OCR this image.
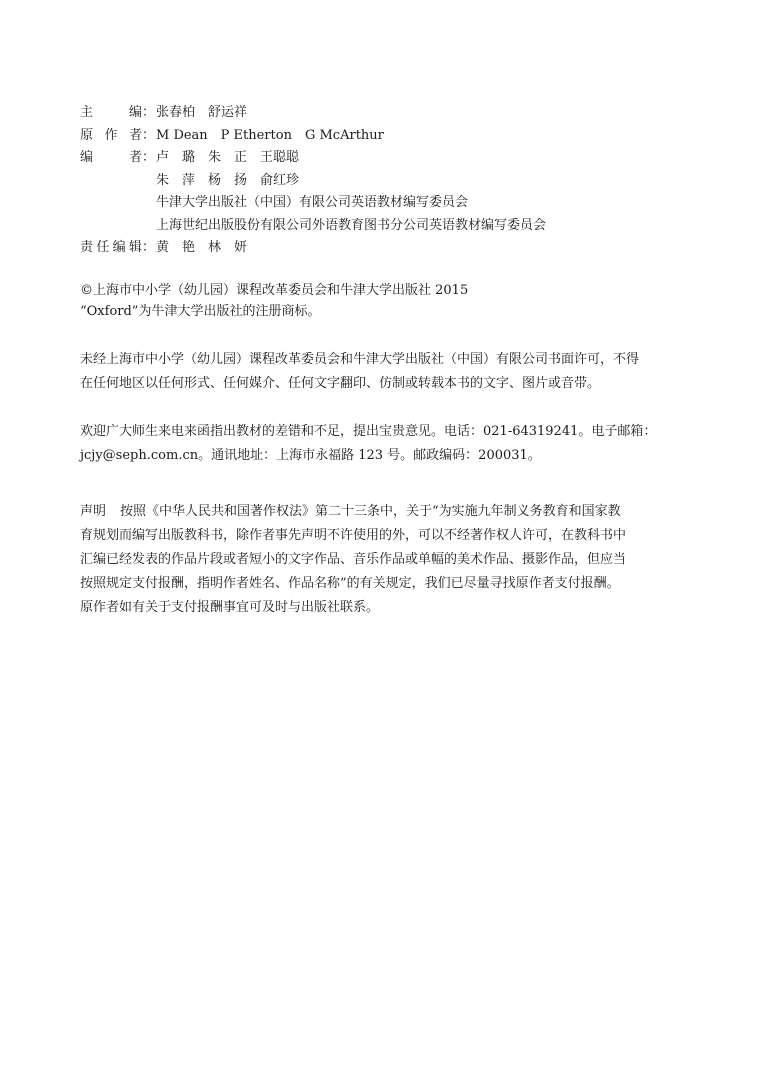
主	编 ： 张春柏　舒运祥
原 作 者 ： M Dean　P Etherton　G McArthur
编	者 ： 卢　璐　朱　正　王聪聪
朱　萍　杨　扬　俞红珍
牛津大学出版社（中国）有限公司英语教材编写委员会
上海世纪出版股份有限公司外语教育图书分公司英语教材编写委员会
责 任 编 辑 ： 黄　艳　林　妍
©上海市中小学（幼儿园）课程改革委员会和牛津大学出版社 2015
“Oxford”为牛津大学出版社的注册商标。
未经上海市中小学（幼儿园）课程改革委员会和牛津大学出版社（中国）有限公司书面许可，不得
在任何地区以任何形式、任何媒介、任何文字翻印、仿制或转载本书的文字、图片或音带。
欢迎广大师生来电来函指出教材的差错和不足，提出宝贵意见。电话：021-64319241。电子邮箱：
jcjy@seph.com.cn。通讯地址：上海市永福路 123 号。邮政编码：200031。
声明 按照《中华人民共和国著作权法》第二十三条中，关于“为实施九年制义务教育和国家教
育规划而编写出版教科书，除作者事先声明不许使用的外，可以不经著作权人许可，在教科书中
汇编已经发表的作品片段或者短小的文字作品、音乐作品或单幅的美术作品、摄影作品，但应当
按照规定支付报酬，指明作者姓名、作品名称”的有关规定，我们已尽量寻找原作者支付报酬。
原作者如有关于支付报酬事宜可及时与出版社联系。
